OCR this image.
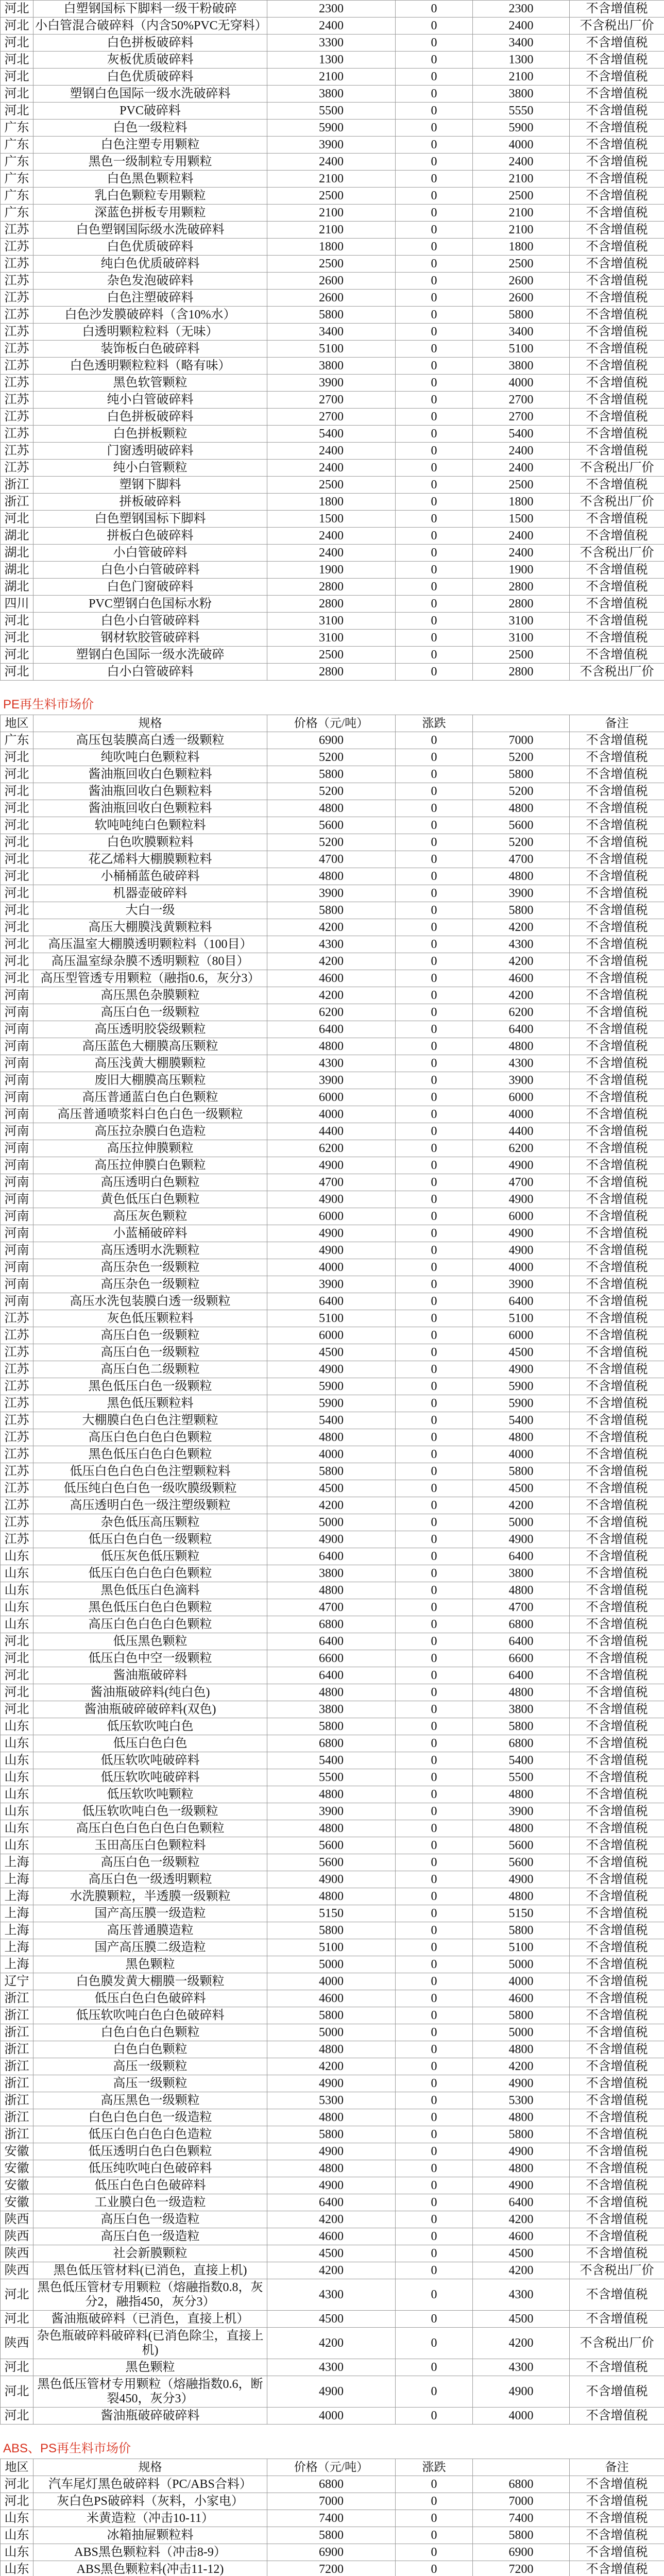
河北	白塑钢国标下脚料一级干粉破碎	2300	0	2300	不含增值税
河北	小白管混合破碎料（内含50%PVC无穿料）	2400	0	2400	不含税出厂价
河北	白色拼板破碎料	3300	0	3400	不含增值税
河北	灰板优质破碎料	1300	0	1300	不含增值税
河北	白色优质破碎料	2100	0	2100	不含增值税
河北	塑钢白色国际一级水洗破碎料	3800	0	3800	不含增值税
河北	PVC破碎料	5500	0	5550	不含增值税
广东	白色一级粒料	5900	0	5900	不含增值税
广东	白色注塑专用颗粒	3900	0	4000	不含增值税
广东	黑色一级制粒专用颗粒	2400	0	2400	不含增值税
广东	白色黑色颗粒料	2100	0	2100	不含增值税
广东	乳白色颗粒专用颗粒	2500	0	2500	不含增值税
广东	深蓝色拼板专用颗粒	2100	0	2100	不含增值税
江苏	白色塑钢国际级水洗破碎料	2100	0	2100	不含增值税
江苏	白色优质破碎料	1800	0	1800	不含增值税
江苏	纯白色优质破碎料	2500	0	2500	不含增值税
江苏	杂色发泡破碎料	2600	0	2600	不含增值税
江苏	白色注塑破碎料	2600	0	2600	不含增值税
江苏	白色沙发膜破碎料（含10%水）	5800	0	5800	不含增值税
江苏	白透明颗粒粒料（无味）	3400	0	3400	不含增值税
江苏	装饰板白色破碎料	5100	0	5100	不含增值税
江苏	白色透明颗粒粒料（略有味）	3800	0	3800	不含增值税
江苏	黑色软管颗粒	3900	0	4000	不含增值税
江苏	纯小白管破碎料	2700	0	2700	不含增值税
江苏	白色拼板破碎料	2700	0	2700	不含增值税
江苏	白色拼板颗粒	5400	0	5400	不含增值税
江苏	门窗透明破碎料	2400	0	2400	不含增值税
江苏	纯小白管颗粒	2400	0	2400	不含税出厂价
浙江	塑钢下脚料	2500	0	2500	不含增值税
浙江	拼板破碎料	1800	0	1800	不含税出厂价
河北	白色塑钢国标下脚料	1500	0	1500	不含增值税
湖北	拼板白色破碎料	2400	0	2400	不含增值税
湖北	小白管破碎料	2400	0	2400	不含税出厂价
湖北	白色小白管破碎料	1900	0	1900	不含增值税
湖北	白色门窗破碎料	2800	0	2800	不含增值税
四川	PVC塑钢白色国标水粉	2800	0	2800	不含增值税
河北	白色小白管破碎料	3100	0	3100	不含增值税
河北	钢材软胶管破碎料	3100	0	3100	不含增值税
河北	塑钢白色国际一级水洗破碎	2500	0	2500	不含增值税
河北	白小白管破碎料	2800	0	2800	不含税出厂价
PE再生料市场价
地区	规格	价格（元/吨）	涨跌		备注
广东	高压包装膜高白透一级颗粒	6900	0	7000	不含增值税
河北	纯吹吨白色颗粒料	5200	0	5200	不含增值税
河北	酱油瓶回收白色颗粒料	5800	0	5800	不含增值税
河北	酱油瓶回收白色颗粒料	5200	0	5200	不含增值税
河北	酱油瓶回收白色颗粒料	4800	0	4800	不含增值税
河北	软吨吨纯白色颗粒料	5600	0	5600	不含增值税
河北	白色吹膜颗粒料	5200	0	5200	不含增值税
河北	花乙烯料大棚膜颗粒料	4700	0	4700	不含增值税
河北	小桶桶蓝色破碎料	4800	0	4800	不含增值税
河北	机器壶破碎料	3900	0	3900	不含增值税
河北	大白一级	5800	0	5800	不含增值税
河北	高压大棚膜浅黄颗粒料	4200	0	4200	不含增值税
河北	高压温室大棚膜透明颗粒料（100目）	4300	0	4300	不含增值税
河北	高压温室绿杂膜不透明颗粒（80目）	4200	0	4200	不含增值税
河北	高压型管透专用颗粒（融指0.6，灰分3）	4600	0	4600	不含增值税
河南	高压黑色杂膜颗粒	4200	0	4200	不含增值税
河南	高压白色一级颗粒	6200	0	6200	不含增值税
河南	高压透明胶袋级颗粒	6400	0	6400	不含增值税
河南	高压蓝色大棚膜高压颗粒	4800	0	4800	不含增值税
河南	高压浅黄大棚膜颗粒	4300	0	4300	不含增值税
河南	废旧大棚膜高压颗粒	3900	0	3900	不含增值税
河南	高压普通蓝白色白色颗粒	6000	0	6000	不含增值税
河南	高压普通喷浆料白色白色一级颗粒	4000	0	4000	不含增值税
河南	高压拉杂膜白色造粒	4400	0	4400	不含增值税
河南	高压拉伸膜颗粒	6200	0	6200	不含增值税
河南	高压拉伸膜白色颗粒	4900	0	4900	不含增值税
河南	高压透明白色颗粒	4700	0	4700	不含增值税
河南	黄色低压白色颗粒	4900	0	4900	不含增值税
河南	高压灰色颗粒	6000	0	6000	不含增值税
河南	小蓝桶破碎料	4900	0	4900	不含增值税
河南	高压透明水洗颗粒	4900	0	4900	不含增值税
河南	高压杂色一级颗粒	4000	0	4000	不含增值税
河南	高压杂色一级颗粒	3900	0	3900	不含增值税
河南	高压水洗包装膜白透一级颗粒	6400	0	6400	不含增值税
江苏	灰色低压颗粒料	5100	0	5100	不含增值税
江苏	高压白色一级颗粒	6000	0	6000	不含增值税
江苏	高压白色一级颗粒	4500	0	4500	不含增值税
江苏	高压白色二级颗粒	4900	0	4900	不含增值税
江苏	黑色低压白色一级颗粒	5900	0	5900	不含增值税
江苏	黑色低压颗粒料	5900	0	5900	不含增值税
江苏	大棚膜白色白色注塑颗粒	5400	0	5400	不含增值税
江苏	高压白色白色白色颗粒	4800	0	4800	不含增值税
江苏	黑色低压白色白色颗粒	4000	0	4000	不含增值税
江苏	低压白色白色白色注塑颗粒料	5800	0	5800	不含增值税
江苏	低压纯白色白色一级吹膜级颗粒	4500	0	4500	不含增值税
江苏	高压透明白色一级注塑级颗粒	4200	0	4200	不含增值税
江苏	杂色低压高压颗粒	5000	0	5000	不含增值税
江苏	低压白色白色一级颗粒	4900	0	4900	不含增值税
山东	低压灰色低压颗粒	6400	0	6400	不含增值税
山东	低压白色白色白色颗粒	3800	0	3800	不含增值税
山东	黑色低压白色滴料	4800	0	4800	不含增值税
山东	黑色低压白色白色颗粒	4700	0	4700	不含增值税
山东	高压白色白色白色颗粒	6800	0	6800	不含增值税
河北	低压黑色颗粒	6400	0	6400	不含增值税
河北	低压白色中空一级颗粒	6600	0	6600	不含增值税
河北	酱油瓶破碎料	6400	0	6400	不含增值税
河北	酱油瓶破碎料(纯白色)	4800	0	4800	不含增值税
河北	酱油瓶破碎破碎料(双色)	3800	0	3800	不含增值税
山东	低压软吹吨白色	5800	0	5800	不含增值税
山东	低压白色白色	6800	0	6800	不含增值税
山东	低压软吹吨破碎料	5400	0	5400	不含增值税
山东	低压软吹吨破碎料	5500	0	5500	不含增值税
山东	低压软吹吨颗粒	4800	0	4800	不含增值税
山东	低压软吹吨白色一级颗粒	3900	0	3900	不含增值税
山东	高压白色白色白色白色颗粒	4800	0	4800	不含增值税
山东	玉田高压白色颗粒料	5600	0	5600	不含增值税
上海	高压白色一级颗粒	5600	0	5600	不含增值税
上海	高压白色一级透明颗粒	4900	0	4900	不含增值税
上海	水洗膜颗粒，半透膜一级颗粒	4800	0	4800	不含增值税
上海	国产高压膜一级造粒	5150	0	5150	不含增值税
上海	高压普通膜造粒	5800	0	5800	不含增值税
上海	国产高压膜二级造粒	5100	0	5100	不含增值税
上海	黑色颗粒	5000	0	5000	不含增值税
辽宁	白色膜发黄大棚膜一级颗粒	4000	0	4000	不含增值税
浙江	低压白色白色破碎料	4600	0	4600	不含增值税
浙江	低压软吹吨白色白色破碎料	5800	0	5800	不含增值税
浙江	白色白色白色颗粒	5000	0	5000	不含增值税
浙江	白色白色颗粒	4800	0	4800	不含增值税
浙江	高压一级颗粒	4200	0	4200	不含增值税
浙江	高压一级颗粒	4900	0	4900	不含增值税
浙江	高压黑色一级颗粒	5300	0	5300	不含增值税
浙江	白色白色白色一级造粒	4800	0	4800	不含增值税
浙江	低压白色白色白色造粒	5800	0	5800	不含增值税
安徽	低压透明白色白色颗粒	4900	0	4900	不含增值税
安徽	低压纯吹吨白色破碎料	4800	0	4800	不含增值税
安徽	低压白色白色破碎料	4900	0	4900	不含增值税
安徽	工业膜白色一级造粒	6400	0	6400	不含增值税
陕西	高压白色一级造粒	4200	0	4200	不含增值税
陕西	高压白色一级造粒	4600	0	4600	不含增值税
陕西	社会新膜颗粒	4500	0	4500	不含增值税
陕西	黑色低压管材料(已消色，直接上机)	4200	0	4200	不含税出厂价
河北	黑色低压管材专用颗粒（熔融指数0.8，灰分2，融指450，灰分3）	4300	0	4300	不含增值税
河北	酱油瓶破碎料（已消色，直接上机）	4500	0	4500	不含增值税
陕西	杂色瓶破碎料破碎料(已消色除尘，直接上机)	4200	0	4200	不含税出厂价
河北	黑色颗粒	4300	0	4300	不含增值税
河北	黑色低压管材专用颗粒（熔融指数0.6，断裂450，灰分3）	4900	0	4900	不含增值税
河北	酱油瓶破碎破碎料	4000	0	4000	不含增值税
ABS、PS再生料市场价
地区	规格	价格（元/吨）	涨跌		备注
河北	汽车尾灯黑色破碎料（PC/ABS合料）	6800	0	6800	不含增值税
河北	灰白色PS破碎料（灰料，小家电）	7000	0	7000	不含增值税
山东	米黄造粒（冲击10-11）	7400	0	7400	不含增值税
山东	冰箱抽屉颗粒料	5800	0	5800	不含增值税
山东	ABS黑色颗粒料（冲击8-9）	6900	0	6900	不含增值税
山东	ABS黑色颗粒料(冲击11-12)	7200	0	7200	不含增值税
